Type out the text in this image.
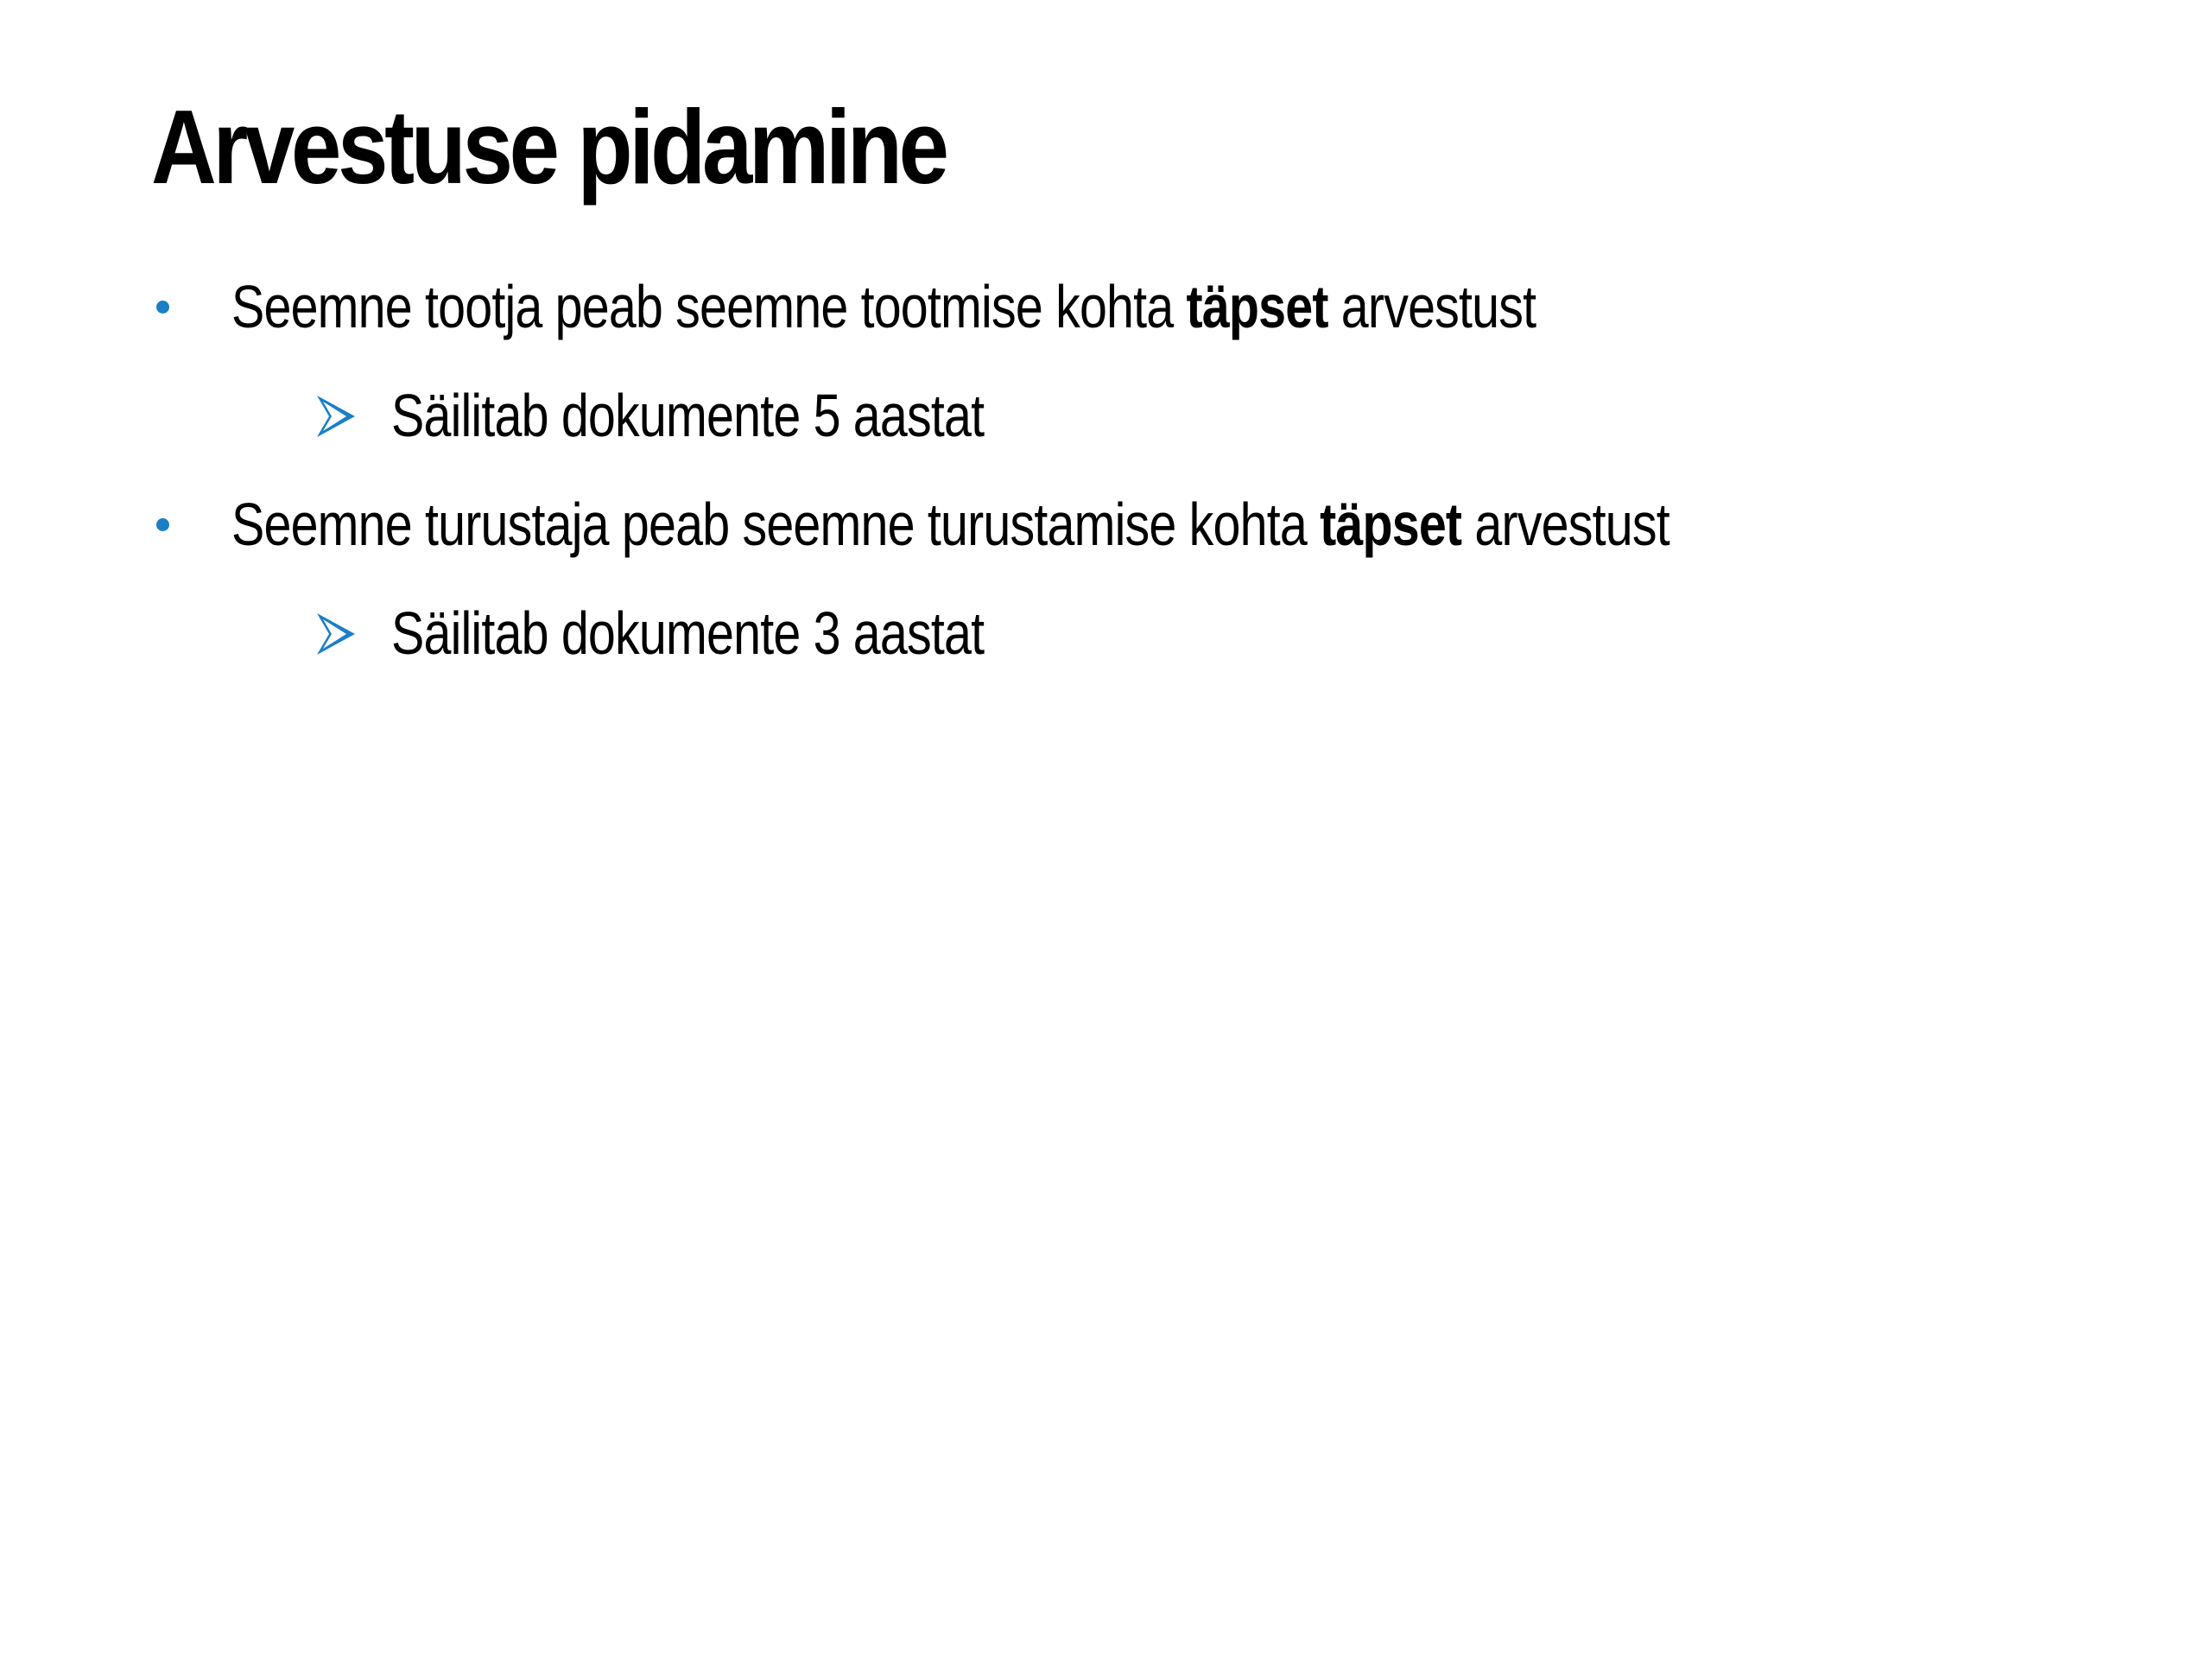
Arvestuse pidamine
Seemne tootja peab seemne tootmise kohta täpset arvestust
Säilitab dokumente 5 aastat
Seemne turustaja peab seemne turustamise kohta täpset arvestust
Säilitab dokumente 3 aastat
